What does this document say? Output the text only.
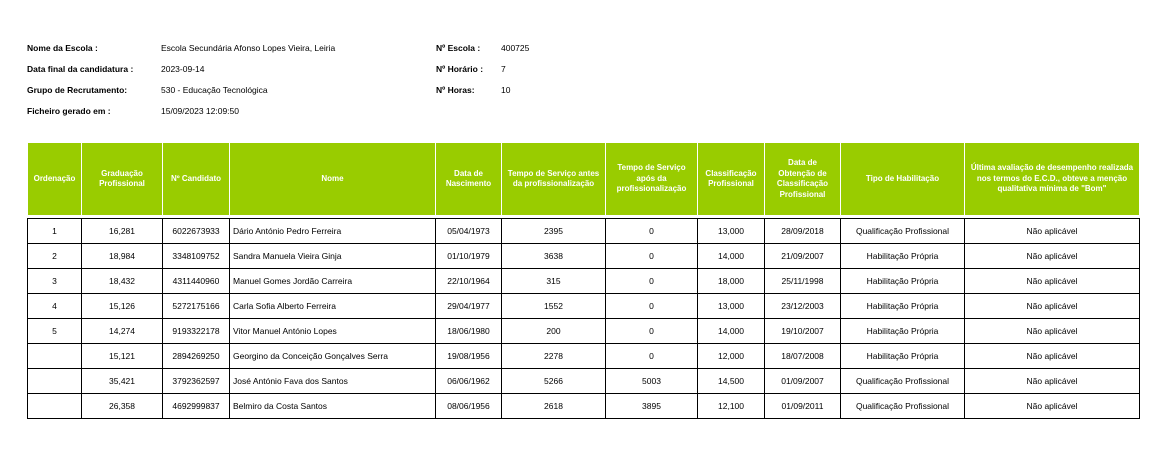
Nome da Escola :	Escola Secundária Afonso Lopes Vieira, Leiria
Data final da candidatura :	2023-09-14
Grupo de Recrutamento:	530 - Educação Tecnológica
Ficheiro gerado em :	15/09/2023 12:09:50
Nº Escola : 400725
Nº Horário : 7
Nº Horas:	10
Ordenação	Graduação Profissional	Nº Candidato	Nome	Data de Nascimento	Tempo de Serviço antes da profissionalização	Tempo de Serviço após da profissionalização	Classificação Profissional	Data de Obtenção de Classificação Profissional	Tipo de Habilitação	Última avaliação de desempenho realizada nos termos do E.C.D., obteve a menção qualitativa mínima de "Bom"

1	16,281	6022673933	Dário António Pedro Ferreira	05/04/1973	2395	0	13,000	28/09/2018	Qualificação Profissional	Não aplicável
2	18,984	3348109752	Sandra Manuela Vieira Ginja	01/10/1979	3638	0	14,000	21/09/2007	Habilitação Própria	Não aplicável
3	18,432	4311440960	Manuel Gomes Jordão Carreira	22/10/1964	315	0	18,000	25/11/1998	Habilitação Própria	Não aplicável
4	15,126	5272175166	Carla Sofia Alberto Ferreira	29/04/1977	1552	0	13,000	23/12/2003	Habilitação Própria	Não aplicável
5	14,274	9193322178	Vitor Manuel António Lopes	18/06/1980	200	0	14,000	19/10/2007	Habilitação Própria	Não aplicável
	15,121	2894269250	Georgino da Conceição Gonçalves Serra	19/08/1956	2278	0	12,000	18/07/2008	Habilitação Própria	Não aplicável
	35,421	3792362597	José António Fava dos Santos	06/06/1962	5266	5003	14,500	01/09/2007	Qualificação Profissional	Não aplicável
	26,358	4692999837	Belmiro da Costa Santos	08/06/1956	2618	3895	12,100	01/09/2011	Qualificação Profissional	Não aplicável
